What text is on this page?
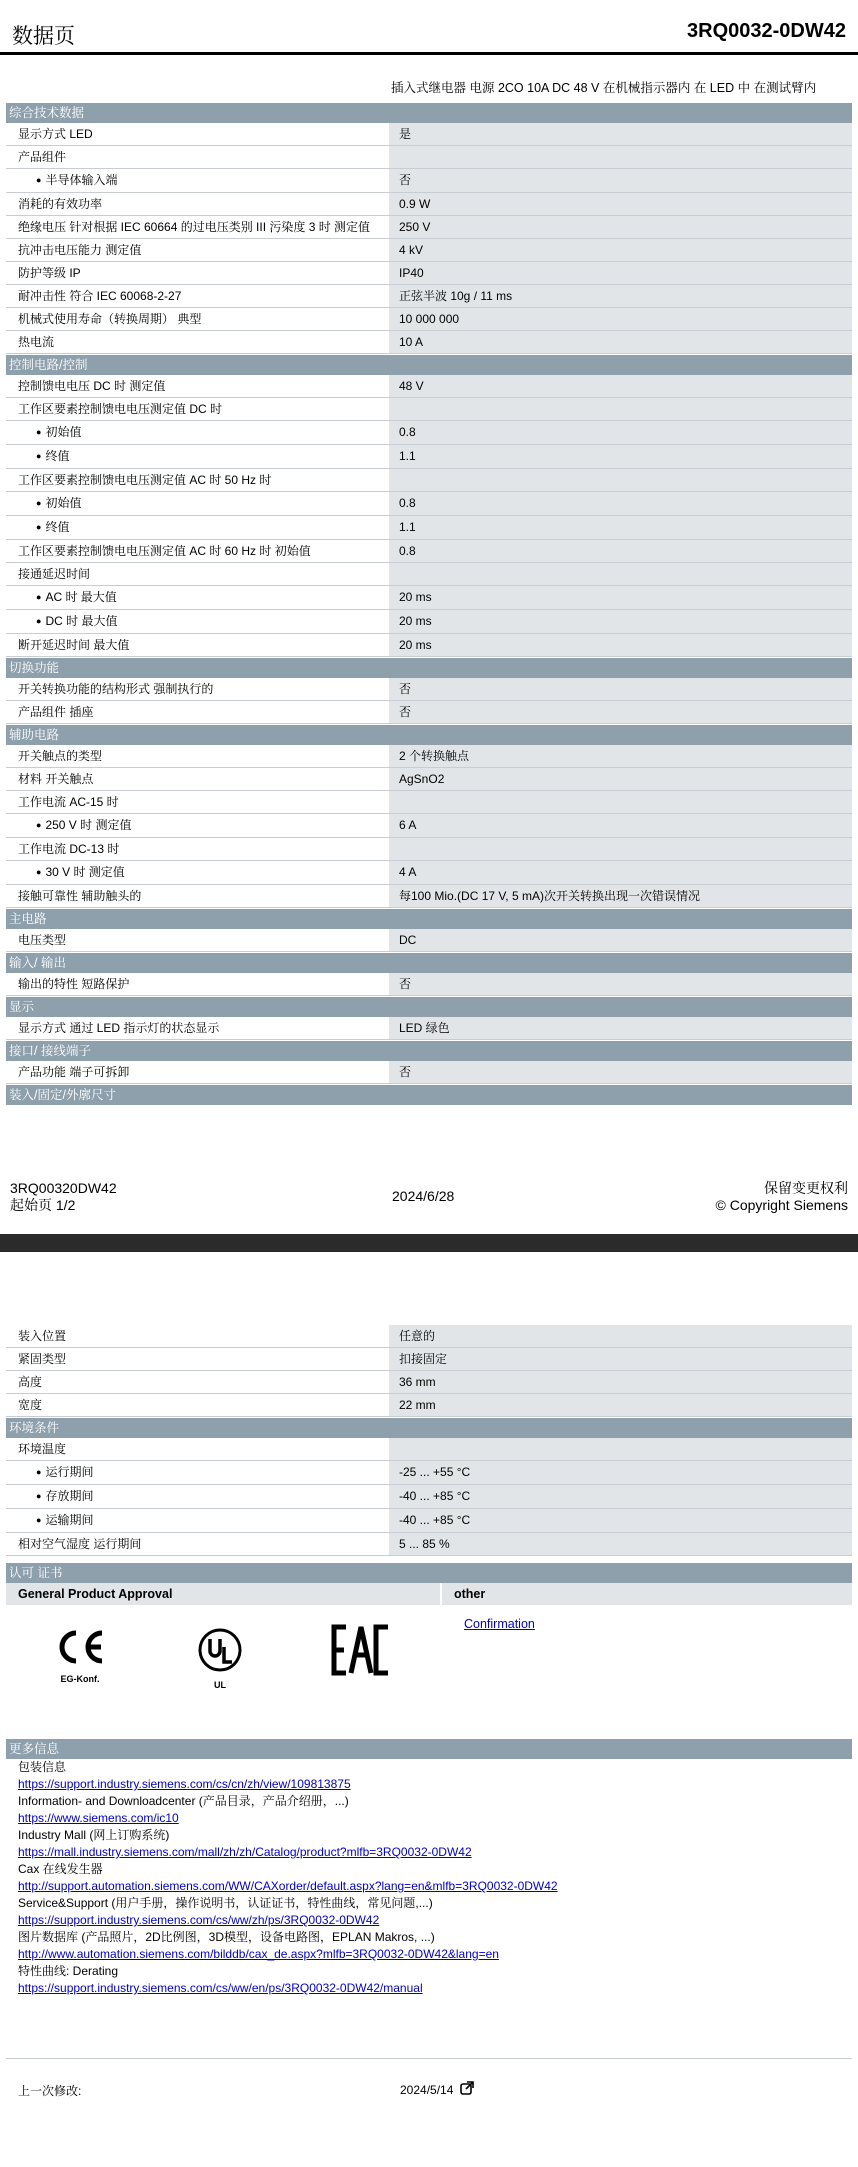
数据页	3RQ0032-0DW42
插入式继电器 电源 2CO 10A DC 48 V 在机械指示器内 在 LED 中 在测试臂内
综合技术数据
显示方式 LED	是
产品组件
● 半导体输入端	否
消耗的有效功率	0.9 W
绝缘电压 针对根据 IEC 60664 的过电压类别 III 污染度 3 时 测定值	250 V
抗冲击电压能力 测定值	4 kV
防护等级 IP	IP40
耐冲击性 符合 IEC 60068-2-27	正弦半波 10g / 11 ms
机械式使用寿命（转换周期） 典型	10 000 000
热电流	10 A
控制电路/控制
控制馈电电压 DC 时 测定值	48 V
工作区要素控制馈电电压测定值 DC 时
● 初始值	0.8
● 终值	1.1
工作区要素控制馈电电压测定值 AC 时 50 Hz 时
● 初始值	0.8
● 终值	1.1
工作区要素控制馈电电压测定值 AC 时 60 Hz 时 初始值	0.8
接通延迟时间
● AC 时 最大值	20 ms
● DC 时 最大值	20 ms
断开延迟时间 最大值	20 ms
切换功能
开关转换功能的结构形式 强制执行的	否
产品组件 插座	否
辅助电路
开关触点的类型	2 个转换触点
材料 开关触点	AgSnO2
工作电流 AC-15 时
● 250 V 时 测定值	6 A
工作电流 DC-13 时
● 30 V 时 测定值	4 A
接触可靠性 辅助触头的	每100 Mio.(DC 17 V, 5 mA)次开关转换出现一次错误情况
主电路
电压类型	DC
输入/ 输出
输出的特性 短路保护	否
显示
显示方式 通过 LED 指示灯的状态显示	LED 绿色
接口/ 接线端子
产品功能 端子可拆卸	否
装入/固定/外廓尺寸
3RQ00320DW42
起始页 1/2
2024/6/28	保留变更权利
© Copyright Siemens
装入位置	任意的
紧固类型	扣接固定
高度	36 mm
宽度	22 mm
环境条件
环境温度
● 运行期间	-25 ... +55 °C
● 存放期间	-40 ... +85 °C
● 运输期间	-40 ... +85 °C
相对空气湿度 运行期间	5 ... 85 %
认可 证书
General Product Approval	other
EG-Konf.
UL
Confirmation
更多信息
包装信息
https://support.industry.siemens.com/cs/cn/zh/view/109813875
Information- and Downloadcenter (产品目录，产品介绍册，...)
https://www.siemens.com/ic10
Industry Mall (网上订购系统)
https://mall.industry.siemens.com/mall/zh/zh/Catalog/product?mlfb=3RQ0032-0DW42
Cax 在线发生器
http://support.automation.siemens.com/WW/CAXorder/default.aspx?lang=en&mlfb=3RQ0032-0DW42
Service&Support (用户手册，操作说明书，认证证书，特性曲线，常见问题,...)
https://support.industry.siemens.com/cs/ww/zh/ps/3RQ0032-0DW42
图片数据库 (产品照片，2D比例图，3D模型，设备电路图，EPLAN Makros, ...)
http://www.automation.siemens.com/bilddb/cax_de.aspx?mlfb=3RQ0032-0DW42&lang=en
特性曲线: Derating
https://support.industry.siemens.com/cs/ww/en/ps/3RQ0032-0DW42/manual
上一次修改:	2024/5/14
